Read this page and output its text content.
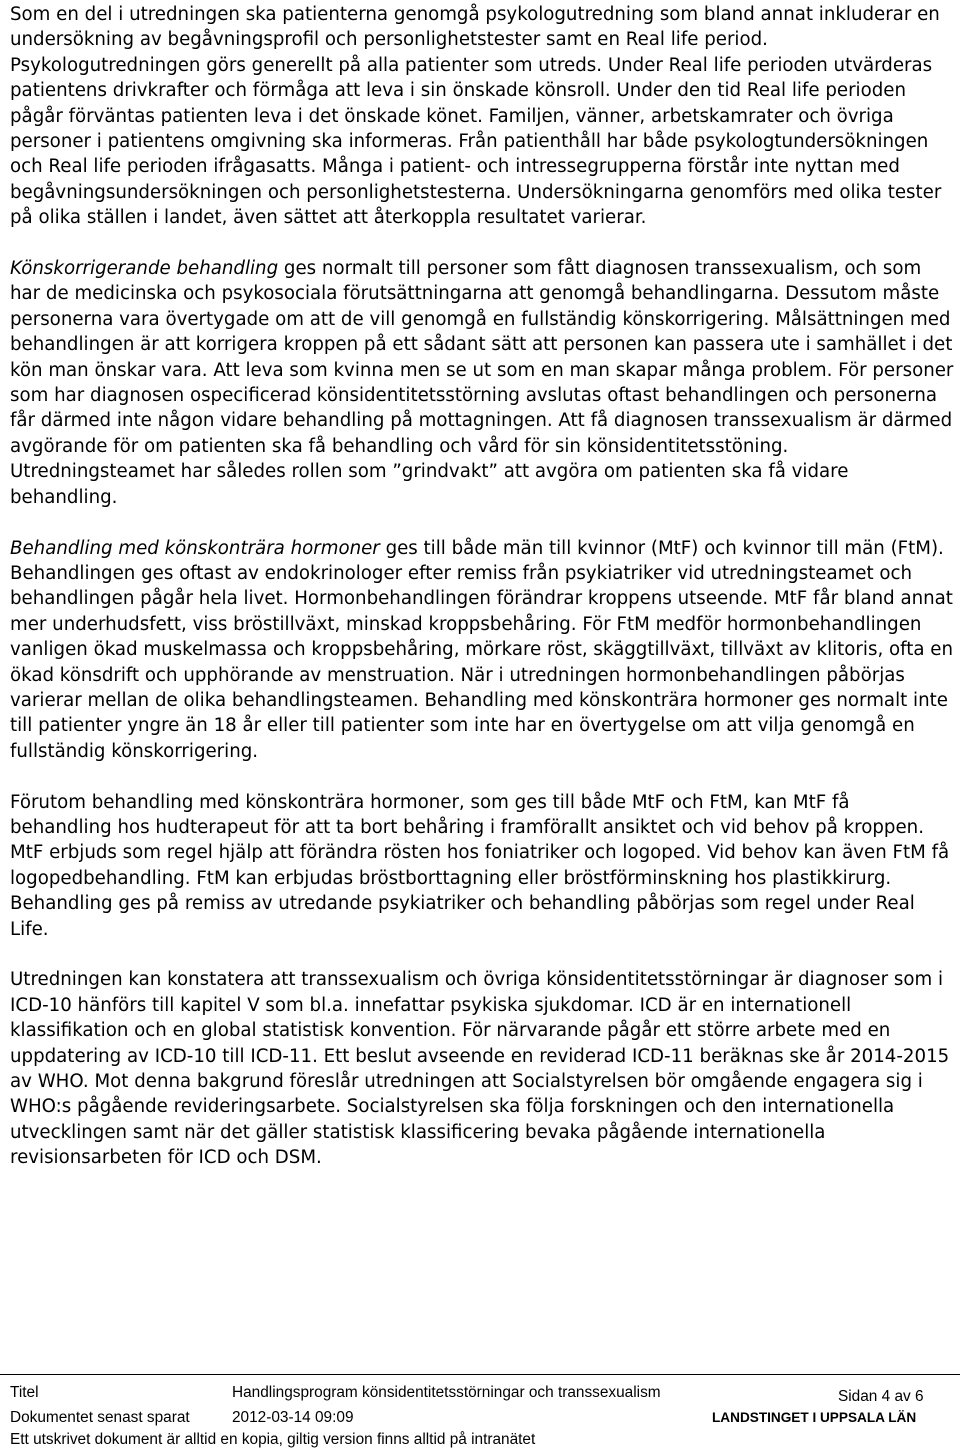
Som en del i utredningen ska patienterna genomgå psykologutredning som bland annat inkluderar en undersökning av begåvningsprofil och personlighetstester samt en Real life period. Psykologutredningen görs generellt på alla patienter som utreds. Under Real life perioden utvärderas patientens drivkrafter och förmåga att leva i sin önskade könsroll. Under den tid Real life perioden pågår förväntas patienten leva i det önskade könet. Familjen, vänner, arbetskamrater och övriga personer i patientens omgivning ska informeras. Från patienthåll har både psykologtundersökningen och Real life perioden ifrågasatts. Många i patient- och intressegrupperna förstår inte nyttan med begåvningsundersökningen och personlighetstesterna. Undersökningarna genomförs med olika tester på olika ställen i landet, även sättet att återkoppla resultatet varierar.

Könskorrigerande behandling ges normalt till personer som fått diagnosen transsexualism, och som har de medicinska och psykosociala förutsättningarna att genomgå behandlingarna. Dessutom måste personerna vara övertygade om att de vill genomgå en fullständig könskorrigering. Målsättningen med behandlingen är att korrigera kroppen på ett sådant sätt att personen kan passera ute i samhället i det kön man önskar vara. Att leva som kvinna men se ut som en man skapar många problem. För personer som har diagnosen ospecificerad könsidentitetsstörning avslutas oftast behandlingen och personerna får därmed inte någon vidare behandling på mottagningen. Att få diagnosen transsexualism är därmed avgörande för om patienten ska få behandling och vård för sin könsidentitetsstöning. Utredningsteamet har således rollen som ”grindvakt” att avgöra om patienten ska få vidare behandling.

Behandling med könskonträra hormoner ges till både män till kvinnor (MtF) och kvinnor till män (FtM). Behandlingen ges oftast av endokrinologer efter remiss från psykiatriker vid utredningsteamet och behandlingen pågår hela livet. Hormonbehandlingen förändrar kroppens utseende. MtF får bland annat mer underhudsfett, viss bröstillväxt, minskad kroppsbehåring. För FtM medför hormonbehandlingen vanligen ökad muskelmassa och kroppsbehåring, mörkare röst, skäggtillväxt, tillväxt av klitoris, ofta en ökad könsdrift och upphörande av menstruation. När i utredningen hormonbehandlingen påbörjas varierar mellan de olika behandlingsteamen. Behandling med könskonträra hormoner ges normalt inte till patienter yngre än 18 år eller till patienter som inte har en övertygelse om att vilja genomgå en fullständig könskorrigering.

Förutom behandling med könskonträra hormoner, som ges till både MtF och FtM, kan MtF få behandling hos hudterapeut för att ta bort behåring i framförallt ansiktet och vid behov på kroppen. MtF erbjuds som regel hjälp att förändra rösten hos foniatriker och logoped. Vid behov kan även FtM få logopedbehandling. FtM kan erbjudas bröstborttagning eller bröstförminskning hos plastikkirurg. Behandling ges på remiss av utredande psykiatriker och behandling påbörjas som regel under Real Life.

Utredningen kan konstatera att transsexualism och övriga könsidentitetsstörningar är diagnoser som i ICD-10 hänförs till kapitel V som bl.a. innefattar psykiska sjukdomar. ICD är en internationell klassifikation och en global statistisk konvention. För närvarande pågår ett större arbete med en uppdatering av ICD-10 till ICD-11. Ett beslut avseende en reviderad ICD-11 beräknas ske år 2014-2015 av WHO. Mot denna bakgrund föreslår utredningen att Socialstyrelsen bör omgående engagera sig i WHO:s pågående revideringsarbete. Socialstyrelsen ska följa forskningen och den internationella utvecklingen samt när det gäller statistisk klassificering bevaka pågående internationella revisionsarbeten för ICD och DSM.

Titel	Handlingsprogram könsidentitetsstörningar och transsexualism	Sidan 4 av 6
Dokumentet senast sparat	2012-03-14 09:09	LANDSTINGET I UPPSALA LÄN
Ett utskrivet dokument är alltid en kopia, giltig version finns alltid på intranätet
